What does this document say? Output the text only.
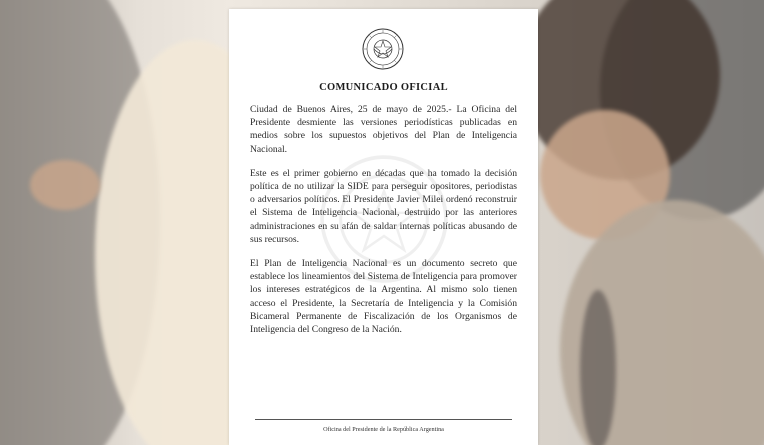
COMUNICADO OFICIAL

Ciudad de Buenos Aires, 25 de mayo de 2025.- La Oficina del Presidente desmiente las versiones periodísticas publicadas en medios sobre los supuestos objetivos del Plan de Inteligencia Nacional.

Este es el primer gobierno en décadas que ha tomado la decisión política de no utilizar la SIDE para perseguir opositores, periodistas o adversarios políticos. El Presidente Javier Milei ordenó reconstruir el Sistema de Inteligencia Nacional, destruido por las anteriores administraciones en su afán de saldar internas políticas abusando de sus recursos.

El Plan de Inteligencia Nacional es un documento secreto que establece los lineamientos del Sistema de Inteligencia para promover los intereses estratégicos de la Argentina. Al mismo solo tienen acceso el Presidente, la Secretaría de Inteligencia y la Comisión Bicameral Permanente de Fiscalización de los Organismos de Inteligencia del Congreso de la Nación.

Oficina del Presidente de la República Argentina
